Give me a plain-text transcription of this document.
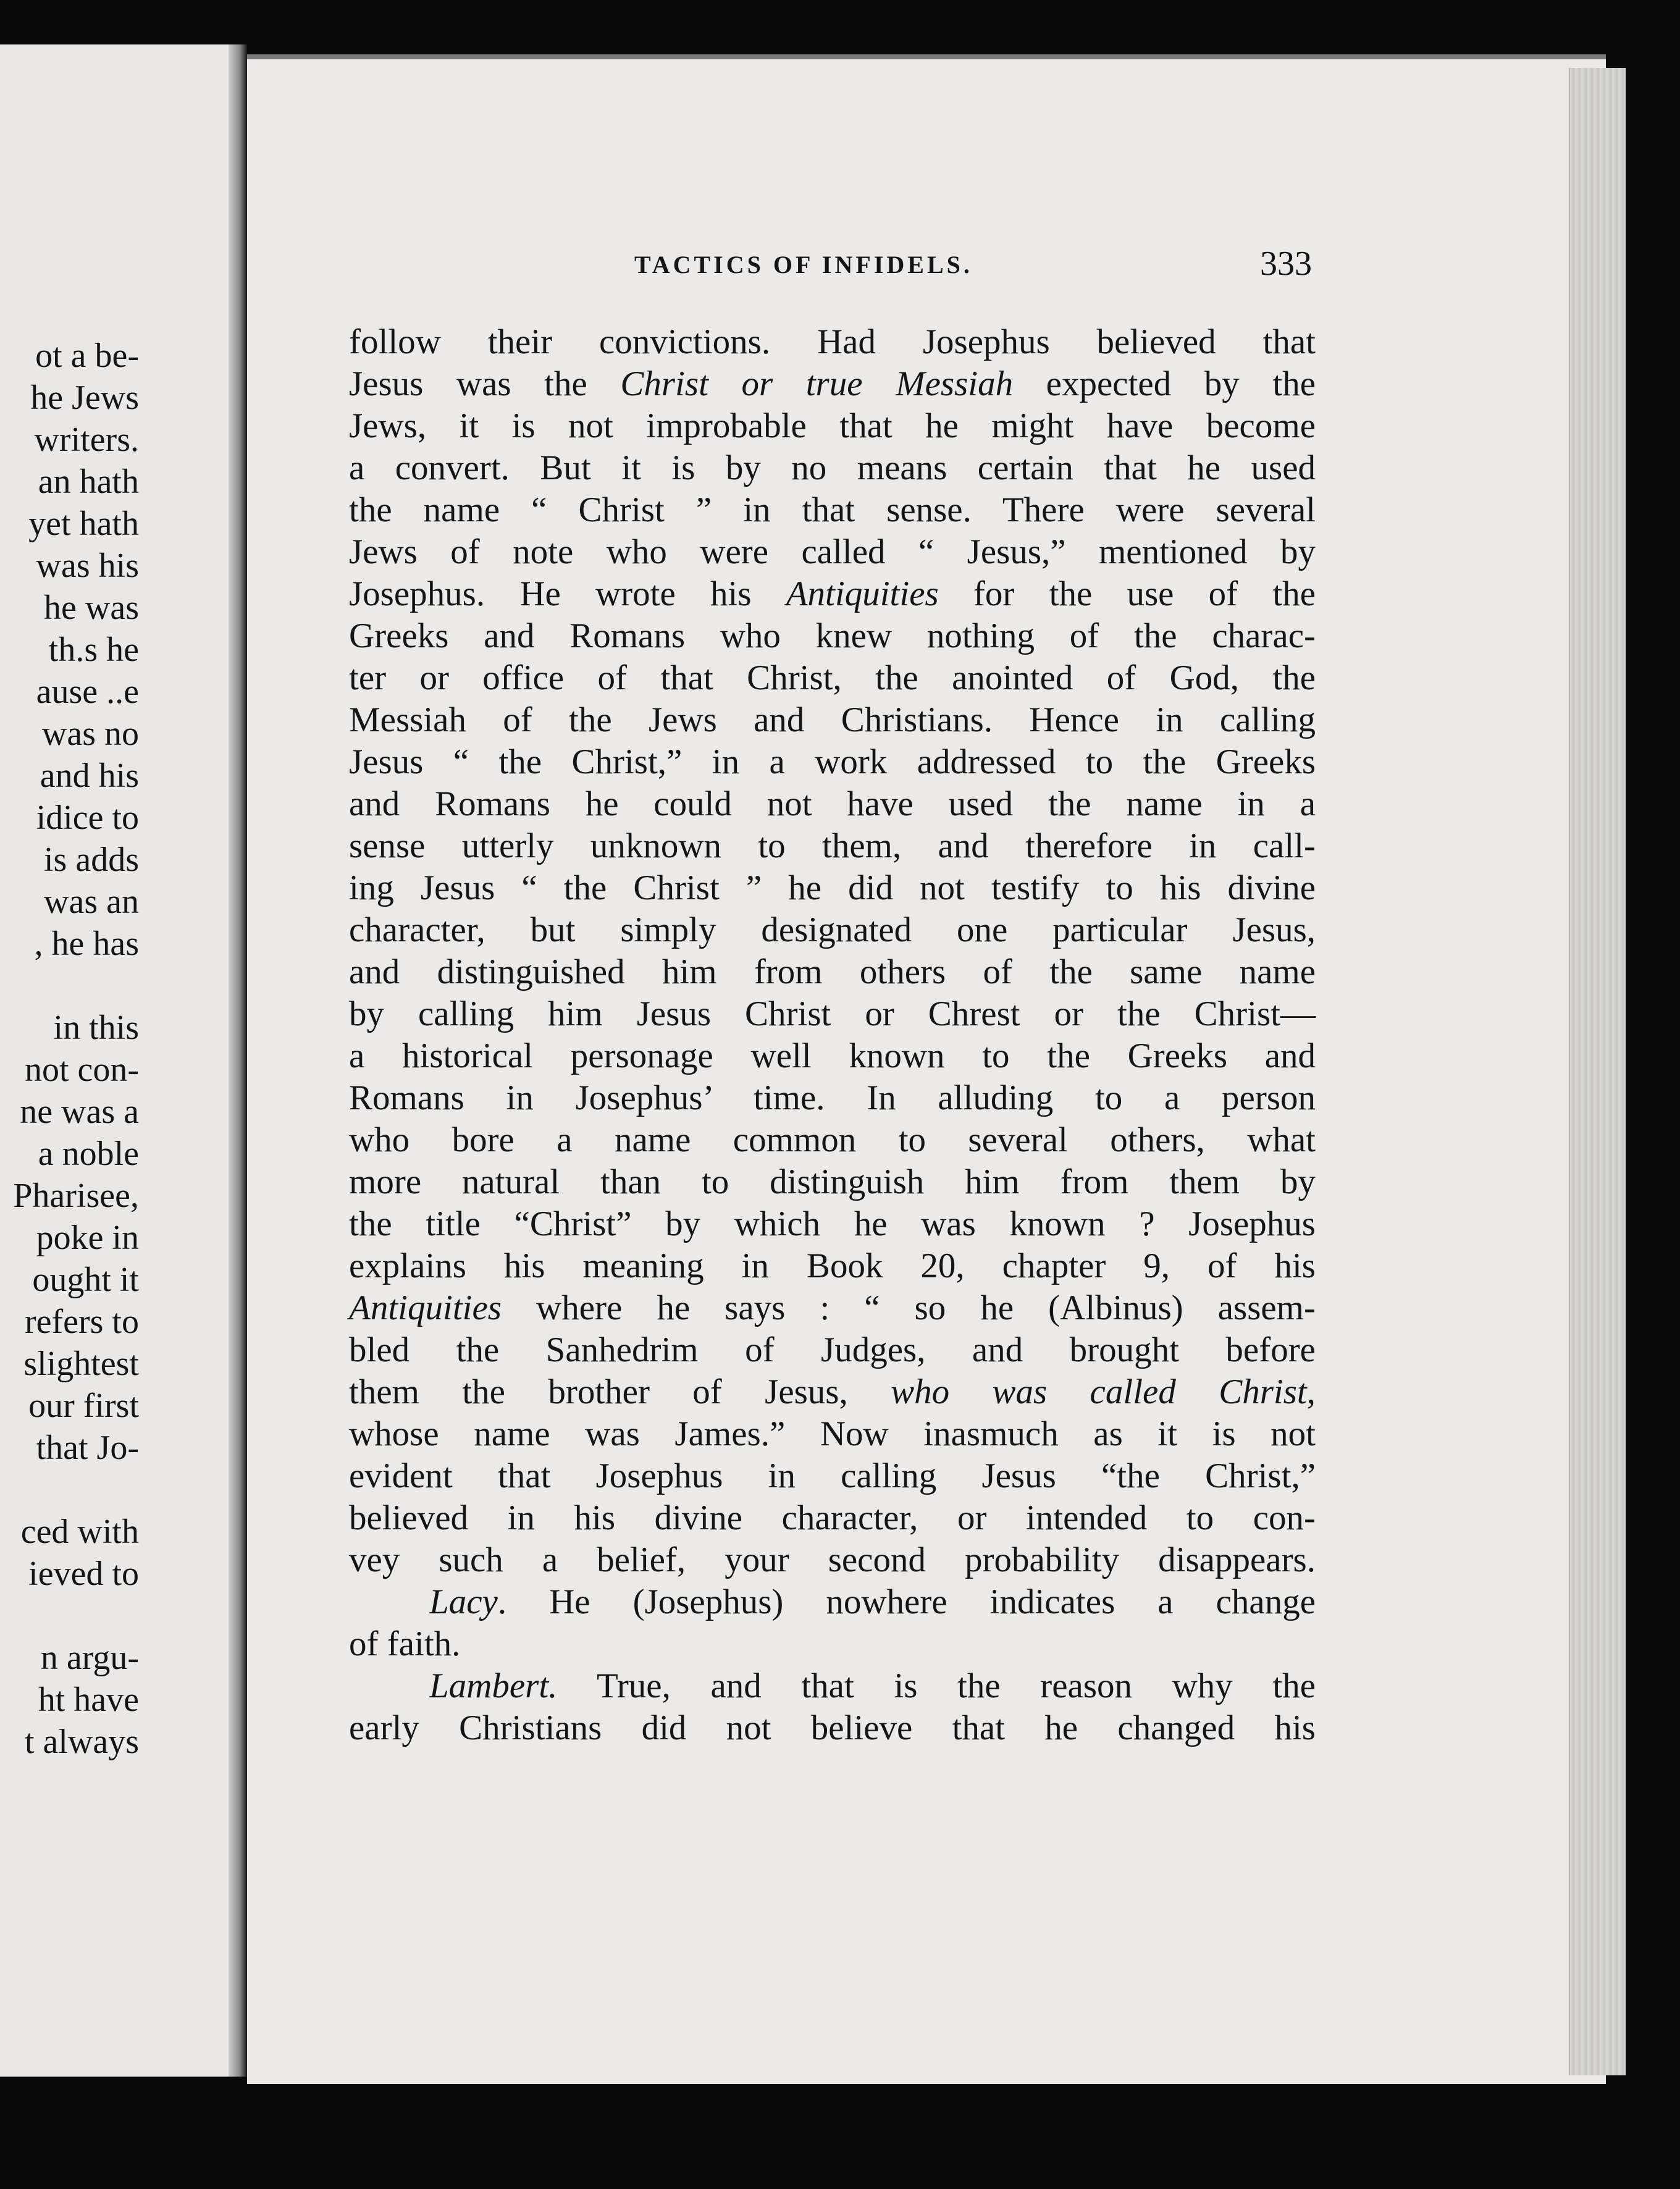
ot a be-
he Jews
writers.
an hath
yet hath
was his
he was
th.s he
ause ..e
was no
and his
idice to
is adds
was an
, he has
in this
not con-
ne was a
a noble
Pharisee,
poke in
ought it
refers to
slightest
our first
that Jo-
ced with
ieved to
n argu-
ht have
t always
TACTICS OF INFIDELS.	333
follow their convictions. Had Josephus believed that
Jesus was the Christ or true Messiah expected by the
Jews, it is not improbable that he might have become
a convert. But it is by no means certain that he used
the name “ Christ ” in that sense. There were several
Jews of note who were called “ Jesus,” mentioned by
Josephus. He wrote his Antiquities for the use of the
Greeks and Romans who knew nothing of the charac-
ter or office of that Christ, the anointed of God, the
Messiah of the Jews and Christians. Hence in calling
Jesus “ the Christ,” in a work addressed to the Greeks
and Romans he could not have used the name in a
sense utterly unknown to them, and therefore in call-
ing Jesus “ the Christ ” he did not testify to his divine
character, but simply designated one particular Jesus,
and distinguished him from others of the same name
by calling him Jesus Christ or Chrest or the Christ—
a historical personage well known to the Greeks and
Romans in Josephus’ time. In alluding to a person
who bore a name common to several others, what
more natural than to distinguish him from them by
the title “Christ” by which he was known ? Josephus
explains his meaning in Book 20, chapter 9, of his
Antiquities where he says : “ so he (Albinus) assem-
bled the Sanhedrim of Judges, and brought before
them the brother of Jesus, who was called Christ,
whose name was James.” Now inasmuch as it is not
evident that Josephus in calling Jesus “the Christ,”
believed in his divine character, or intended to con-
vey such a belief, your second probability disappears.
Lacy. He (Josephus) nowhere indicates a change
of faith.
Lambert. True, and that is the reason why the
early Christians did not believe that he changed his
